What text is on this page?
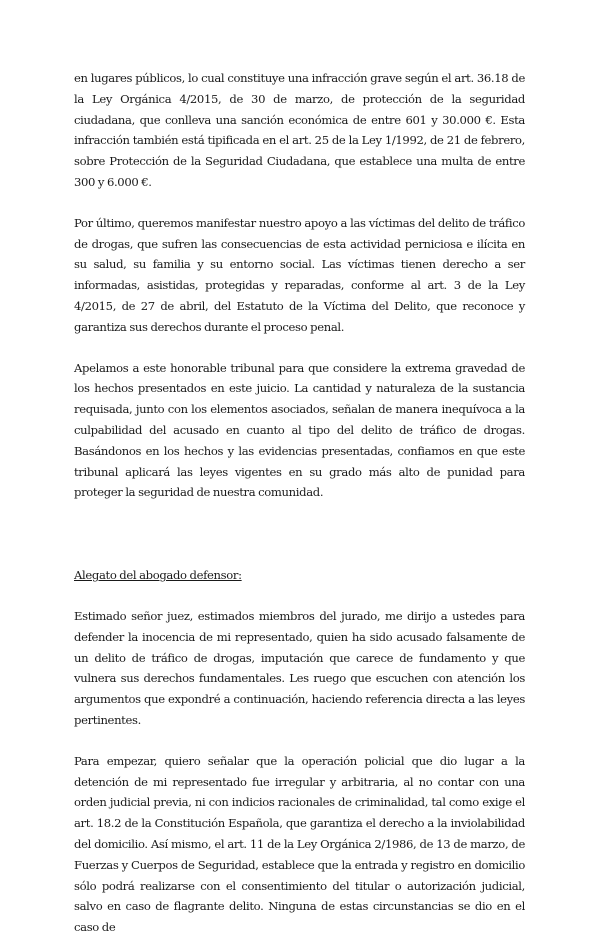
en lugares públicos, lo cual constituye una infracción grave según el art. 36.18 de la Ley Orgánica 4/2015, de 30 de marzo, de protección de la seguridad ciudadana, que conlleva una sanción económica de entre 601 y 30.000 €. Esta infracción también está tipificada en el art. 25 de la Ley 1/1992, de 21 de febrero, sobre Protección de la Seguridad Ciudadana, que establece una multa de entre 300 y 6.000 €.

Por último, queremos manifestar nuestro apoyo a las víctimas del delito de tráfico de drogas, que sufren las consecuencias de esta actividad perniciosa e ilícita en su salud, su familia y su entorno social. Las víctimas tienen derecho a ser informadas, asistidas, protegidas y reparadas, conforme al art. 3 de la Ley 4/2015, de 27 de abril, del Estatuto de la Víctima del Delito, que reconoce y garantiza sus derechos durante el proceso penal.

Apelamos a este honorable tribunal para que considere la extrema gravedad de los hechos presentados en este juicio. La cantidad y naturaleza de la sustancia requisada, junto con los elementos asociados, señalan de manera inequívoca a la culpabilidad del acusado en cuanto al tipo del delito de tráfico de drogas. Basándonos en los hechos y las evidencias presentadas, confiamos en que este tribunal aplicará las leyes vigentes en su grado más alto de punidad para proteger la seguridad de nuestra comunidad.

Alegato del abogado defensor:

Estimado señor juez, estimados miembros del jurado, me dirijo a ustedes para defender la inocencia de mi representado, quien ha sido acusado falsamente de un delito de tráfico de drogas, imputación que carece de fundamento y que vulnera sus derechos fundamentales. Les ruego que escuchen con atención los argumentos que expondré a continuación, haciendo referencia directa a las leyes pertinentes.

Para empezar, quiero señalar que la operación policial que dio lugar a la detención de mi representado fue irregular y arbitraria, al no contar con una orden judicial previa, ni con indicios racionales de criminalidad, tal como exige el art. 18.2 de la Constitución Española, que garantiza el derecho a la inviolabilidad del domicilio. Así mismo, el art. 11 de la Ley Orgánica 2/1986, de 13 de marzo, de Fuerzas y Cuerpos de Seguridad, establece que la entrada y registro en domicilio sólo podrá realizarse con el consentimiento del titular o autorización judicial, salvo en caso de flagrante delito. Ninguna de estas circunstancias se dio en el caso de
